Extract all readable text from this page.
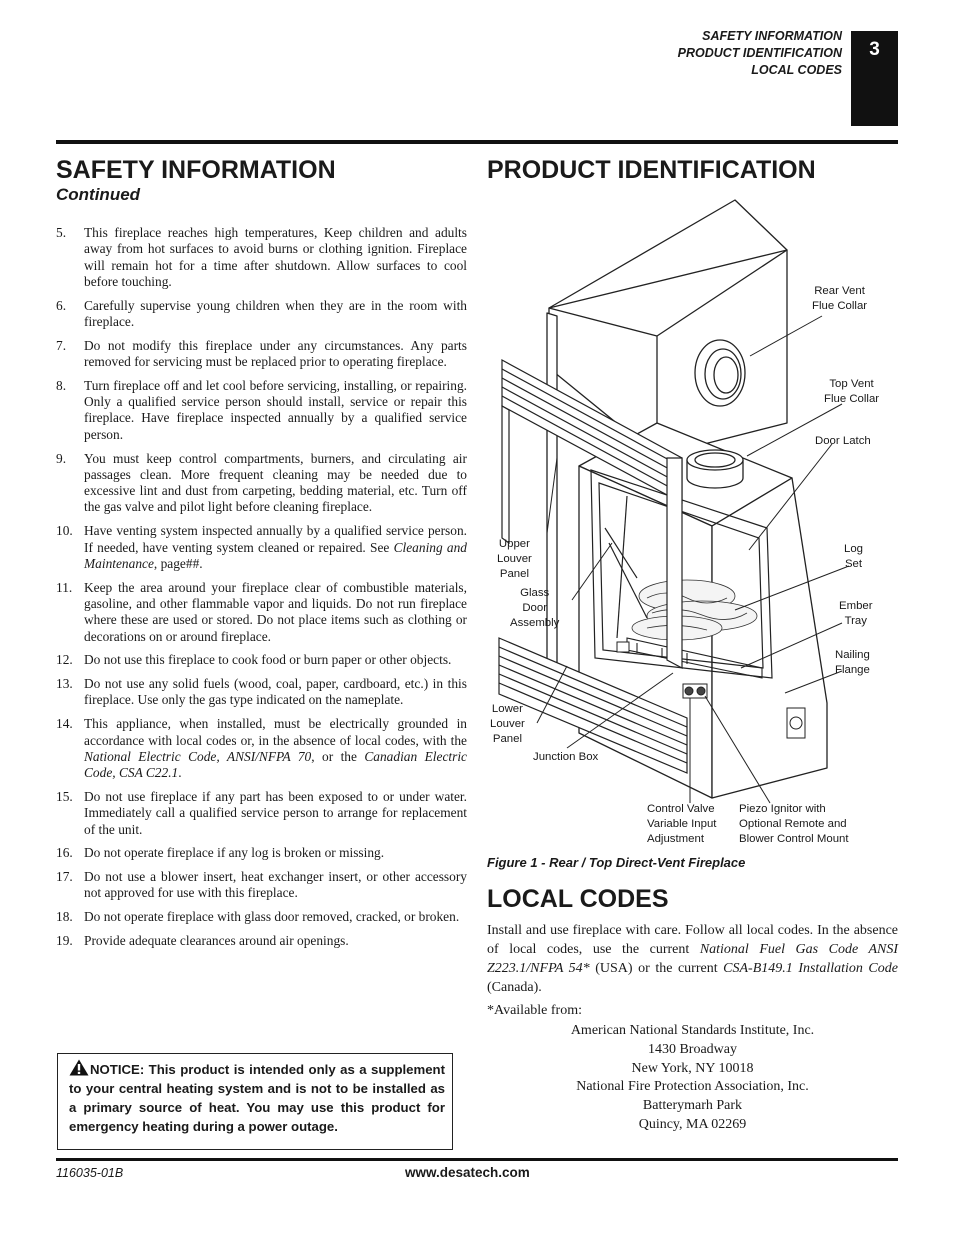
SAFETY INFORMATION
PRODUCT IDENTIFICATION
LOCAL CODES
3
SAFETY INFORMATION
Continued
5. This fireplace reaches high temperatures, Keep children and adults away from hot surfaces to avoid burns or clothing ignition. Fireplace will remain hot for a time after shutdown. Allow surfaces to cool before touching.
6. Carefully supervise young children when they are in the room with fireplace.
7. Do not modify this fireplace under any circumstances. Any parts removed for servicing must be replaced prior to operating fireplace.
8. Turn fireplace off and let cool before servicing, installing, or repairing. Only a qualified service person should install, service or repair this fireplace. Have fireplace inspected annually by a qualified service person.
9. You must keep control compartments, burners, and circulating air passages clean. More frequent cleaning may be needed due to excessive lint and dust from carpeting, bedding material, etc. Turn off the gas valve and pilot light before cleaning fireplace.
10. Have venting system inspected annually by a qualified service person. If needed, have venting system cleaned or repaired. See Cleaning and Maintenance, page##.
11. Keep the area around your fireplace clear of combustible materials, gasoline, and other flammable vapor and liquids. Do not run fireplace where these are used or stored. Do not place items such as clothing or decorations on or around fireplace.
12. Do not use this fireplace to cook food or burn paper or other objects.
13. Do not use any solid fuels (wood, coal, paper, cardboard, etc.) in this fireplace. Use only the gas type indicated on the nameplate.
14. This appliance, when installed, must be electrically grounded in accordance with local codes or, in the absence of local codes, with the National Electric Code, ANSI/NFPA 70, or the Canadian Electric Code, CSA C22.1.
15. Do not use fireplace if any part has been exposed to or under water. Immediately call a qualified service person to arrange for replacement of the unit.
16. Do not operate fireplace if any log is broken or missing.
17. Do not use a blower insert, heat exchanger insert, or other accessory not approved for use with this fireplace.
18. Do not operate fireplace with glass door removed, cracked, or broken.
19. Provide adequate clearances around air openings.
NOTICE: This product is intended only as a supplement to your central heating system and is not to be installed as a primary source of heat. You may use this product for emergency heating during a power outage.
PRODUCT IDENTIFICATION
Rear Vent
Flue Collar
Top Vent
Flue Collar
Door Latch
Upper
Louver
Panel
Log
Set
Glass
Door
Assembly
Ember
Tray
Nailing
Flange
Lower
Louver
Panel
Junction Box
Control Valve
Variable Input
Adjustment
Piezo Ignitor with
Optional Remote and
Blower Control Mount
Figure 1 - Rear / Top Direct-Vent Fireplace
LOCAL CODES

Install and use fireplace with care. Follow all local codes. In the absence of local codes, use the current National Fuel Gas Code ANSI Z223.1/NFPA 54* (USA) or the current CSA-B149.1 Installation Code (Canada).

*Available from:
American National Standards Institute, Inc.
1430 Broadway
New York, NY 10018
National Fire Protection Association, Inc.
Batterymarh Park
Quincy, MA 02269
116035-01B	www.desatech.com
